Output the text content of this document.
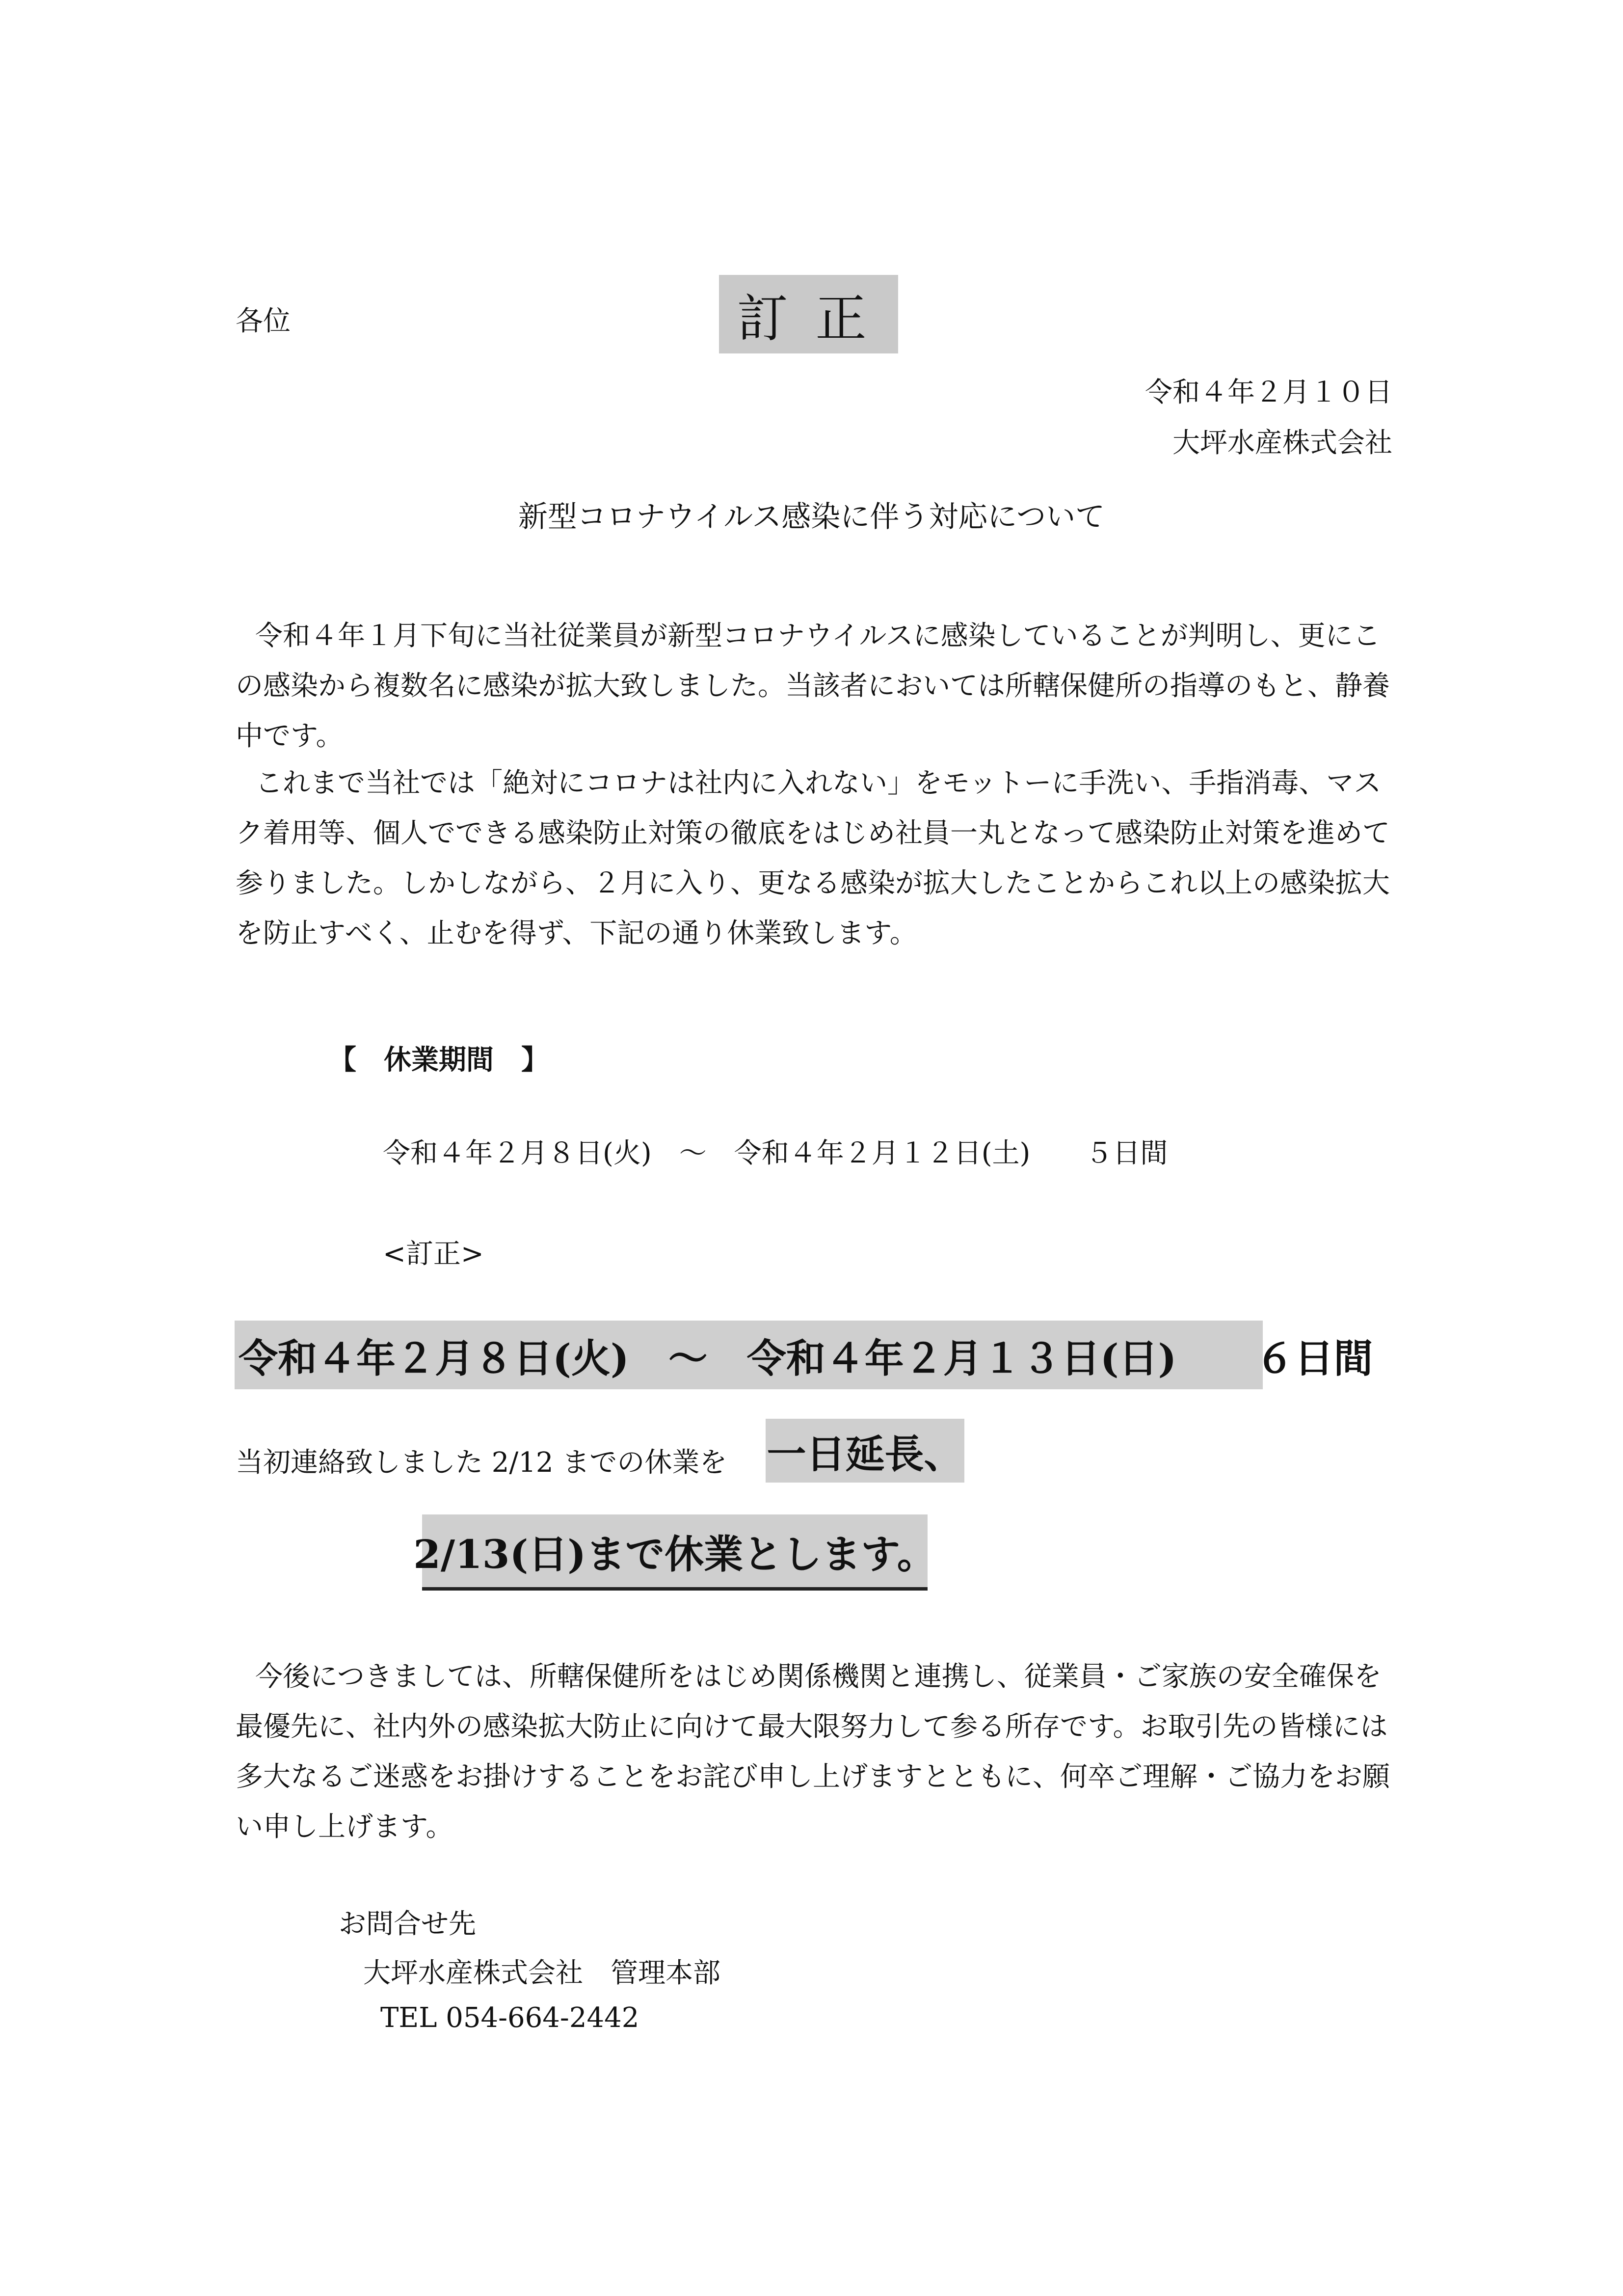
各位	訂正
令和４年２月１０日
大坪水産株式会社
新型コロナウイルス感染に伴う対応について
令和４年１月下旬に当社従業員が新型コロナウイルスに感染していることが判明し、更にこの感染から複数名に感染が拡大致しました。当該者においては所轄保健所の指導のもと、静養中です。
これまで当社では「絶対にコロナは社内に入れない」をモットーに手洗い、手指消毒、マスク着用等、個人でできる感染防止対策の徹底をはじめ社員一丸となって感染防止対策を進めて参りました。しかしながら、２月に入り、更なる感染が拡大したことからこれ以上の感染拡大を防止すべく、止むを得ず、下記の通り休業致します。
【　休業期間　】
令和４年２月８日(火)　～　令和４年２月１２日(土)　　５日間
<訂正>
令和４年２月８日(火)　～　令和４年２月１３日(日)　　６日間
当初連絡致しました 2/12 までの休業を 一日延長、
2/13(日)まで休業とします。
今後につきましては、所轄保健所をはじめ関係機関と連携し、従業員・ご家族の安全確保を最優先に、社内外の感染拡大防止に向けて最大限努力して参る所存です。お取引先の皆様には多大なるご迷惑をお掛けすることをお詫び申し上げますとともに、何卒ご理解・ご協力をお願い申し上げます。
お問合せ先
大坪水産株式会社　管理本部
TEL 054-664-2442
